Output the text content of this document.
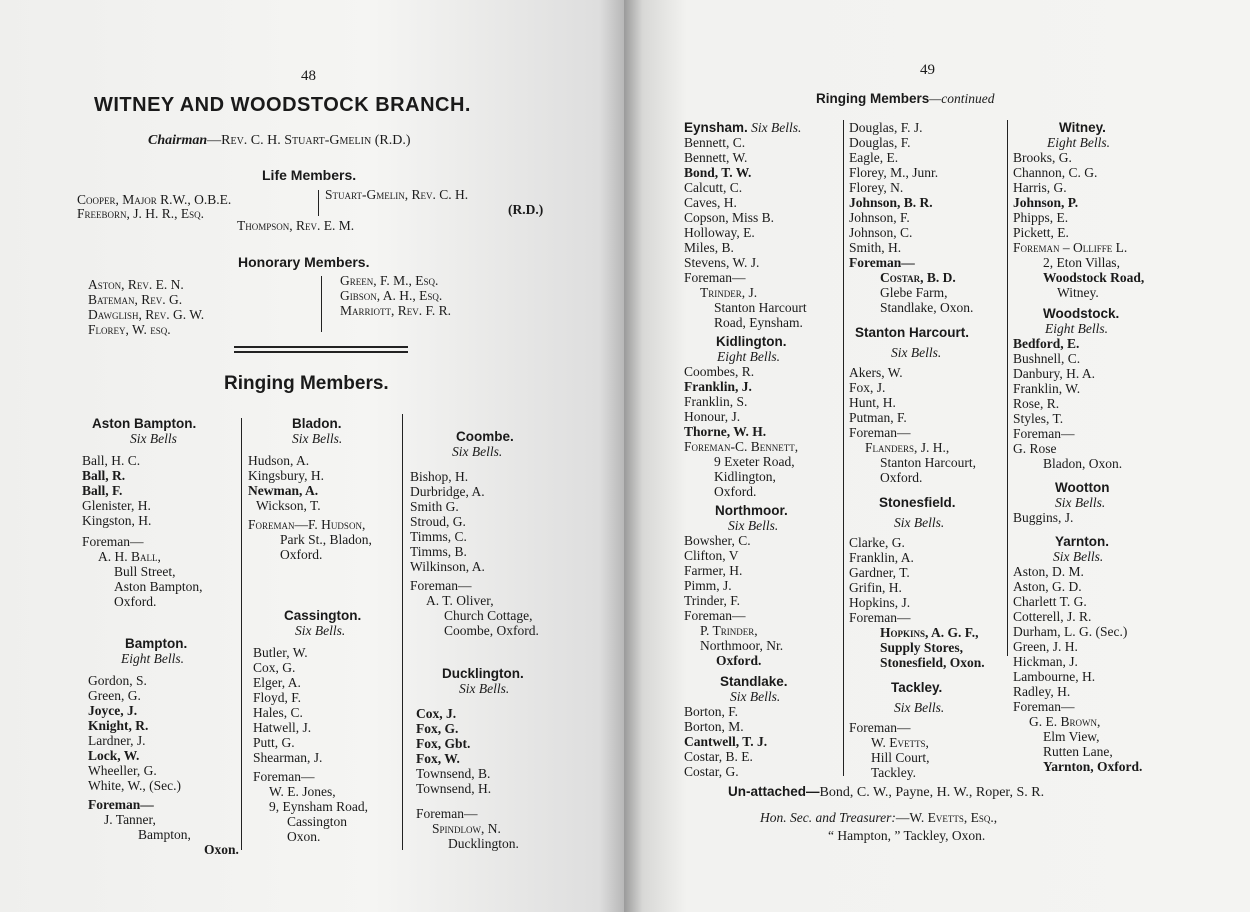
48
WITNEY AND WOODSTOCK BRANCH.
Chairman—Rev. C. H. Stuart-Gmelin (R.D.)
Life Members.
Cooper, Major R.W., O.B.E.
Freeborn, J. H. R., Esq.
Stuart-Gmelin, Rev. C. H.
(R.D.)
Thompson, Rev. E. M.
Honorary Members.
Aston, Rev. E. N.
Bateman, Rev. G.
Dawglish, Rev. G. W.
Florey, W. esq.
Green, F. M., Esq.
Gibson, A. H., Esq.
Marriott, Rev. F. R.
Ringing Members.
Aston Bampton.
Six Bells
Ball, H. C.
Ball, R.
Ball, F.
Glenister, H.
Kingston, H.
Foreman—
A. H. Ball,
Bull Street,
Aston Bampton,
Oxford.
Bampton.
Eight Bells.
Gordon, S.
Green, G.
Joyce, J.
Knight, R.
Lardner, J.
Lock, W.
Wheeller, G.
White, W., (Sec.)
Foreman—
J. Tanner,
Bampton,
Oxon.
Bladon.
Six Bells.
Hudson, A.
Kingsbury, H.
Newman, A.
Wickson, T.
Foreman—F. Hudson,
Park St., Bladon,
Oxford.
Cassington.
Six Bells.
Butler, W.
Cox, G.
Elger, A.
Floyd, F.
Hales, C.
Hatwell, J.
Putt, G.
Shearman, J.
Foreman—
W. E. Jones,
9, Eynsham Road,
Cassington
Oxon.
Coombe.
Six Bells.
Bishop, H.
Durbridge, A.
Smith G.
Stroud, G.
Timms, C.
Timms, B.
Wilkinson, A.
Foreman—
A. T. Oliver,
Church Cottage,
Coombe, Oxford.
Ducklington.
Six Bells.
Cox, J.
Fox, G.
Fox, Gbt.
Fox, W.
Townsend, B.
Townsend, H.
Foreman—
Spindlow, N.
Ducklington.
49
Ringing Members—continued
Eynsham. Six Bells.
Bennett, C.
Bennett, W.
Bond, T. W.
Calcutt, C.
Caves, H.
Copson, Miss B.
Holloway, E.
Miles, B.
Stevens, W. J.
Foreman—
Trinder, J.
Stanton Harcourt
Road, Eynsham.
Kidlington.
Eight Bells.
Coombes, R.
Franklin, J.
Franklin, S.
Honour, J.
Thorne, W. H.
Foreman-C. Bennett,
9 Exeter Road,
Kidlington,
Oxford.
Northmoor.
Six Bells.
Bowsher, C.
Clifton, V
Farmer, H.
Pimm, J.
Trinder, F.
Foreman—
P. Trinder,
Northmoor, Nr.
Oxford.
Standlake.
Six Bells.
Borton, F.
Borton, M.
Cantwell, T. J.
Costar, B. E.
Costar, G.
Douglas, F. J.
Douglas, F.
Eagle, E.
Florey, M., Junr.
Florey, N.
Johnson, B. R.
Johnson, F.
Johnson, C.
Smith, H.
Foreman—
Costar, B. D.
Glebe Farm,
Standlake, Oxon.
Stanton Harcourt.
Six Bells.
Akers, W.
Fox, J.
Hunt, H.
Putman, F.
Foreman—
Flanders, J. H.,
Stanton Harcourt,
Oxford.
Stonesfield.
Six Bells.
Clarke, G.
Franklin, A.
Gardner, T.
Grifin, H.
Hopkins, J.
Foreman—
Hopkins, A. G. F.,
Supply Stores,
Stonesfield, Oxon.
Tackley.
Six Bells.
Foreman—
W. Evetts,
Hill Court,
Tackley.
Witney.
Eight Bells.
Brooks, G.
Channon, C. G.
Harris, G.
Johnson, P.
Phipps, E.
Pickett, E.
Foreman – Olliffe L.
2, Eton Villas,
Woodstock Road,
Witney.
Woodstock.
Eight Bells.
Bedford, E.
Bushnell, C.
Danbury, H. A.
Franklin, W.
Rose, R.
Styles, T.
Foreman—
G. Rose
Bladon, Oxon.
Wootton
Six Bells.
Buggins, J.
Yarnton.
Six Bells.
Aston, D. M.
Aston, G. D.
Charlett T. G.
Cotterell, J. R.
Durham, L. G. (Sec.)
Green, J. H.
Hickman, J.
Lambourne, H.
Radley, H.
Foreman—
G. E. Brown,
Elm View,
Rutten Lane,
Yarnton, Oxford.
Un-attached—Bond, C. W., Payne, H. W., Roper, S. R.
Hon. Sec. and Treasurer:—W. Evetts, Esq.,
“ Hampton, ” Tackley, Oxon.
